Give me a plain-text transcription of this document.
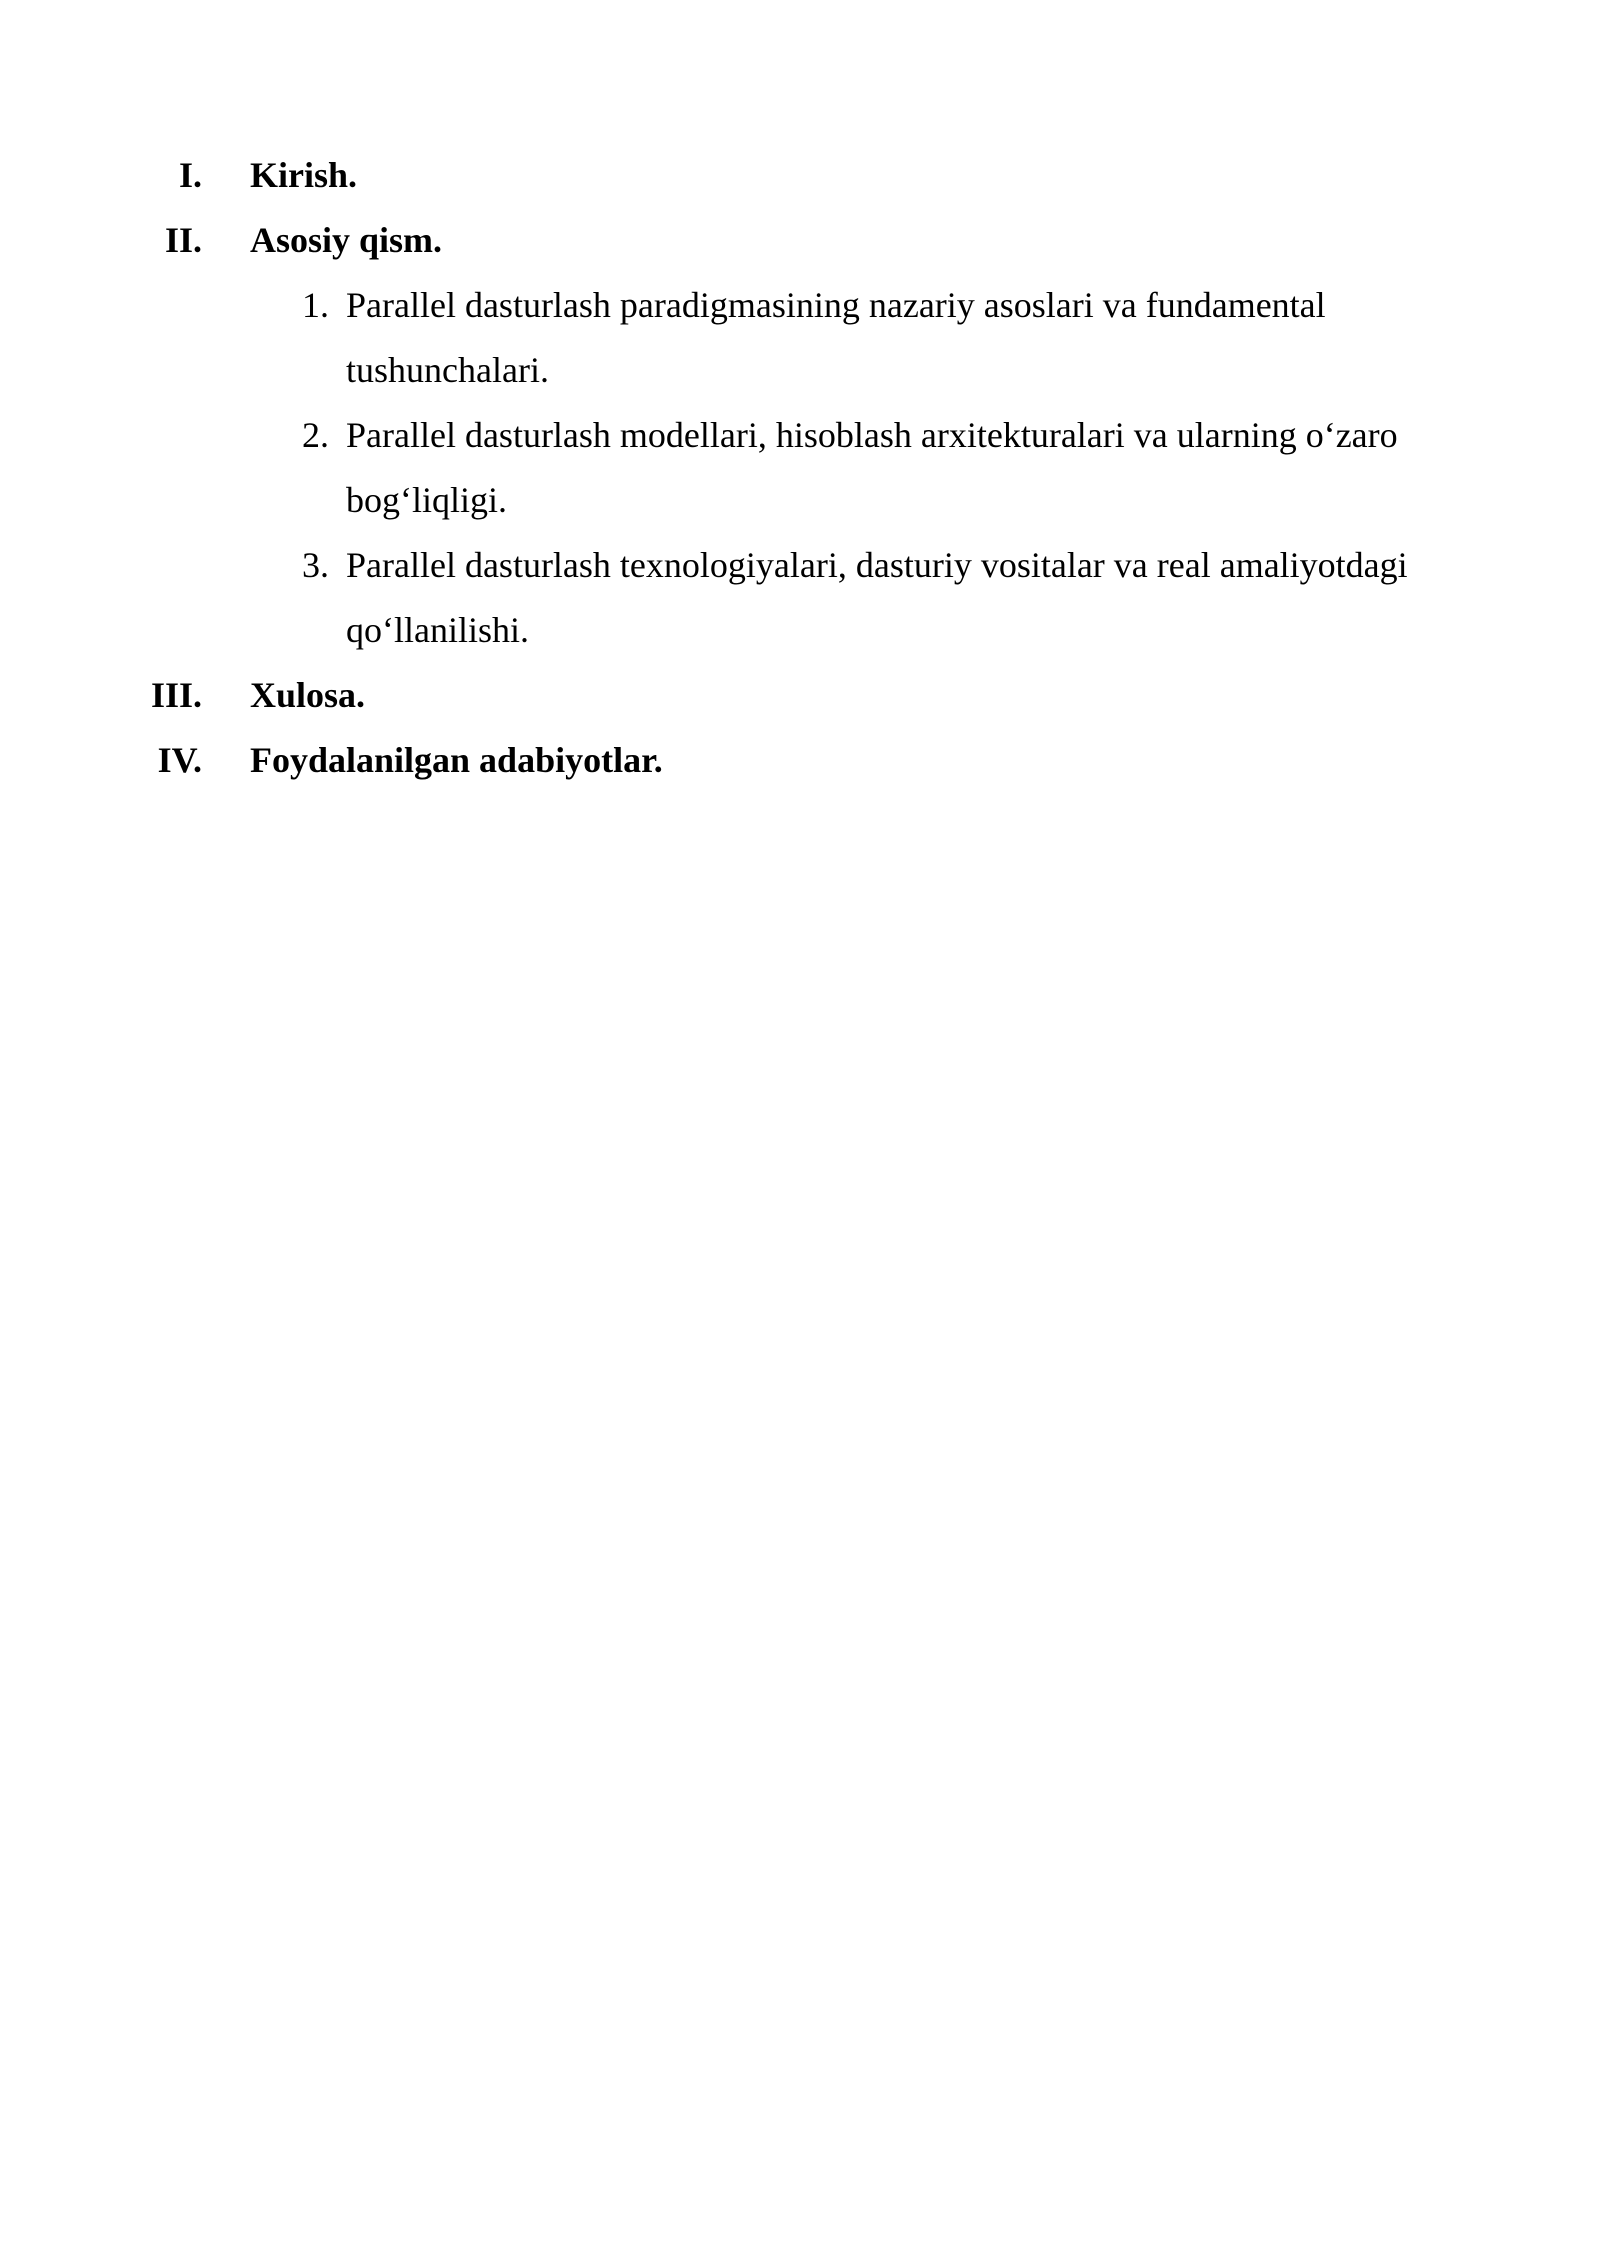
I. Kirish.
II. Asosiy qism.
1. Parallel dasturlash paradigmasining nazariy asoslari va fundamental
tushunchalari.
2. Parallel dasturlash modellari, hisoblash arxitekturalari va ularning o‘zaro
bog‘liqligi.
3. Parallel dasturlash texnologiyalari, dasturiy vositalar va real amaliyotdagi
qo‘llanilishi.
III. Xulosa.
IV. Foydalanilgan adabiyotlar.
